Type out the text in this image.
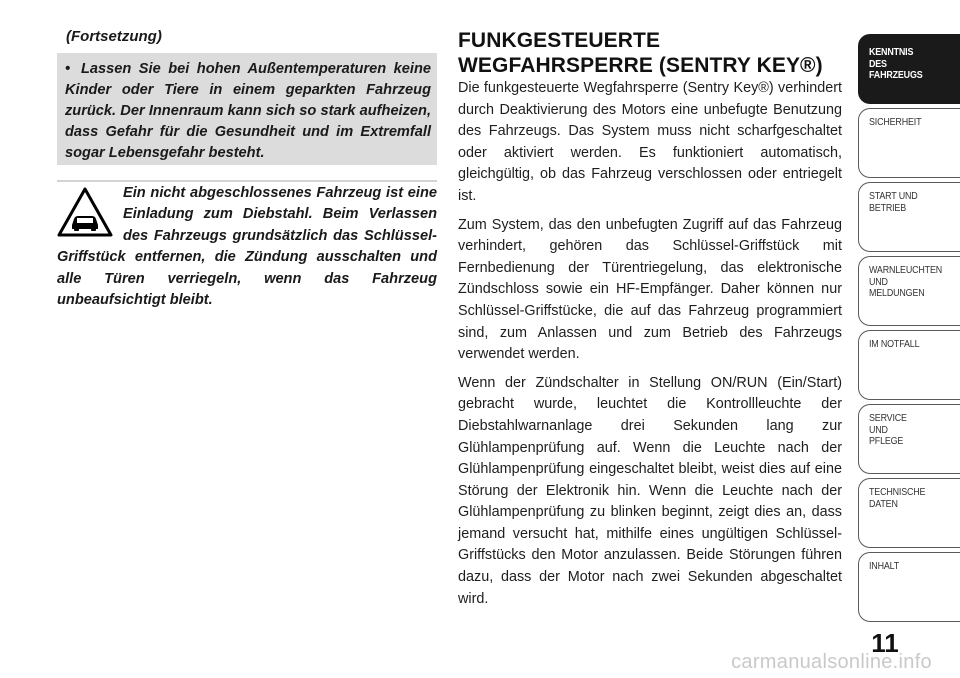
(Fortsetzung)

• Lassen Sie bei hohen Außentemperaturen keine Kinder oder Tiere in einem geparkten Fahrzeug zurück. Der Innenraum kann sich so stark aufheizen, dass Gefahr für die Gesundheit und im Extremfall sogar Lebensgefahr besteht.

Ein nicht abgeschlossenes Fahrzeug ist eine Einladung zum Diebstahl. Beim Verlassen des Fahrzeugs grundsätzlich das Schlüssel-Griffstück entfernen, die Zündung ausschalten und alle Türen verriegeln, wenn das Fahrzeug unbeaufsichtigt bleibt.

FUNKGESTEUERTE WEGFAHRSPERRE (SENTRY KEY®)

Die funkgesteuerte Wegfahrsperre (Sentry Key®) verhindert durch Deaktivierung des Motors eine unbefugte Benutzung des Fahrzeugs. Das System muss nicht scharfgeschaltet oder aktiviert werden. Es funktioniert automatisch, gleichgültig, ob das Fahrzeug verschlossen oder entriegelt ist.

Zum System, das den unbefugten Zugriff auf das Fahrzeug verhindert, gehören das Schlüssel-Griffstück mit Fernbedienung der Türentriegelung, das elektronische Zündschloss sowie ein HF-Empfänger. Daher können nur Schlüssel-Griffstücke, die auf das Fahrzeug programmiert sind, zum Anlassen und zum Betrieb des Fahrzeugs verwendet werden.

Wenn der Zündschalter in Stellung ON/RUN (Ein/Start) gebracht wurde, leuchtet die Kontrollleuchte der Diebstahlwarnanlage drei Sekunden lang zur Glühlampenprüfung auf. Wenn die Leuchte nach der Glühlampenprüfung eingeschaltet bleibt, weist dies auf eine Störung der Elektronik hin. Wenn die Leuchte nach der Glühlampenprüfung zu blinken beginnt, zeigt dies an, dass jemand versucht hat, mithilfe eines ungültigen Schlüssel-Griffstücks den Motor anzulassen. Beide Störungen führen dazu, dass der Motor nach zwei Sekunden abgeschaltet wird.

KENNTNIS
DES
FAHRZEUGS
SICHERHEIT
START UND
BETRIEB
WARNLEUCHTEN
UND
MELDUNGEN
IM NOTFALL
SERVICE
UND
PFLEGE
TECHNISCHE
DATEN
INHALT
11
carmanualsonline.info
